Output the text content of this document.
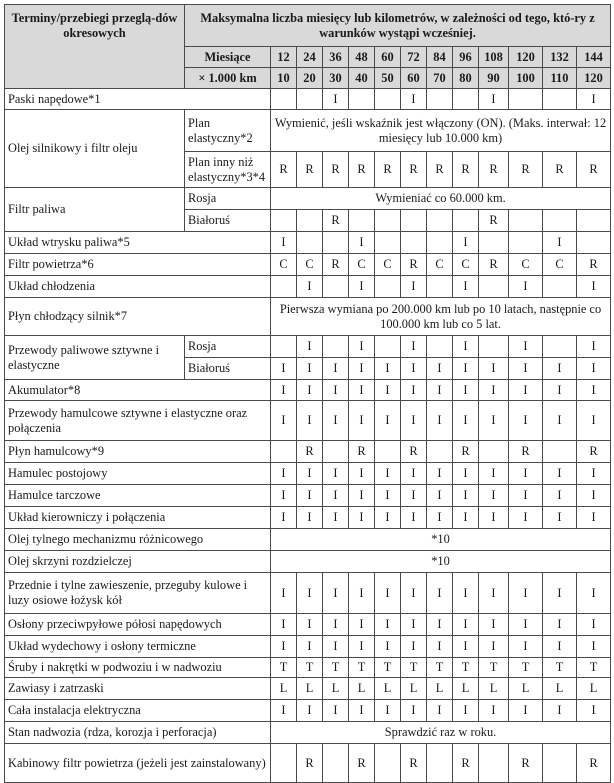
Terminy/przebiegi przeglą-dów okresowych	Maksymalna liczba miesięcy lub kilometrów, w zależności od tego, któ-ry z warunków wystąpi wcześniej.												
	Miesiące	12	24	36	48	60	72	84	96	108	120	132	144
	× 1.000 km	10	20	30	40	50	60	70	80	90	100	110	120
Paski napędowe*1				I			I			I			I
Olej silnikowy i filtr oleju	Plan elastyczny*2	Wymienić, jeśli wskaźnik jest włączony (ON). (Maks. interwał: 12 miesięcy lub 10.000 km)											
	Plan inny niż elastyczny*3*4	R	R	R	R	R	R	R	R	R	R	R	R
Filtr paliwa	Rosja	Wymieniać co 60.000 km.											
	Białoruś			R						R			
Układ wtrysku paliwa*5		I			I				I			I	
Filtr powietrza*6		C	C	R	C	C	R	C	C	R	C	C	R
Układ chłodzenia			I		I		I		I		I		I
Płyn chłodzący silnik*7		Pierwsza wymiana po 200.000 km lub po 10 latach, następnie co 100.000 km lub co 5 lat.											
Przewody paliwowe sztywne i elastyczne	Rosja		I		I		I		I		I		I
	Białoruś	I	I	I	I	I	I	I	I	I	I	I	I
Akumulator*8		I	I	I	I	I	I	I	I	I	I	I	I
Przewody hamulcowe sztywne i elastyczne oraz połączenia		I	I	I	I	I	I	I	I	I	I	I	I
Płyn hamulcowy*9			R		R		R		R		R		R
Hamulec postojowy		I	I	I	I	I	I	I	I	I	I	I	I
Hamulce tarczowe		I	I	I	I	I	I	I	I	I	I	I	I
Układ kierowniczy i połączenia		I	I	I	I	I	I	I	I	I	I	I	I
Olej tylnego mechanizmu różnicowego		*10											
Olej skrzyni rozdzielczej		*10											
Przednie i tylne zawieszenie, przeguby kulowe i luzy osiowe łożysk kół		I	I	I	I	I	I	I	I	I	I	I	I
Osłony przeciwpyłowe półosi napędowych		I	I	I	I	I	I	I	I	I	I	I	I
Układ wydechowy i osłony termiczne		I	I	I	I	I	I	I	I	I	I	I	I
Śruby i nakrętki w podwoziu i w nadwoziu		T	T	T	T	T	T	T	T	T	T	T	T
Zawiasy i zatrzaski		L	L	L	L	L	L	L	L	L	L	L	L
Cała instalacja elektryczna		I	I	I	I	I	I	I	I	I	I	I	I
Stan nadwozia (rdza, korozja i perforacja)		Sprawdzić raz w roku.											
Kabinowy filtr powietrza (jeżeli jest zainstalowany)			R		R		R		R		R		R
